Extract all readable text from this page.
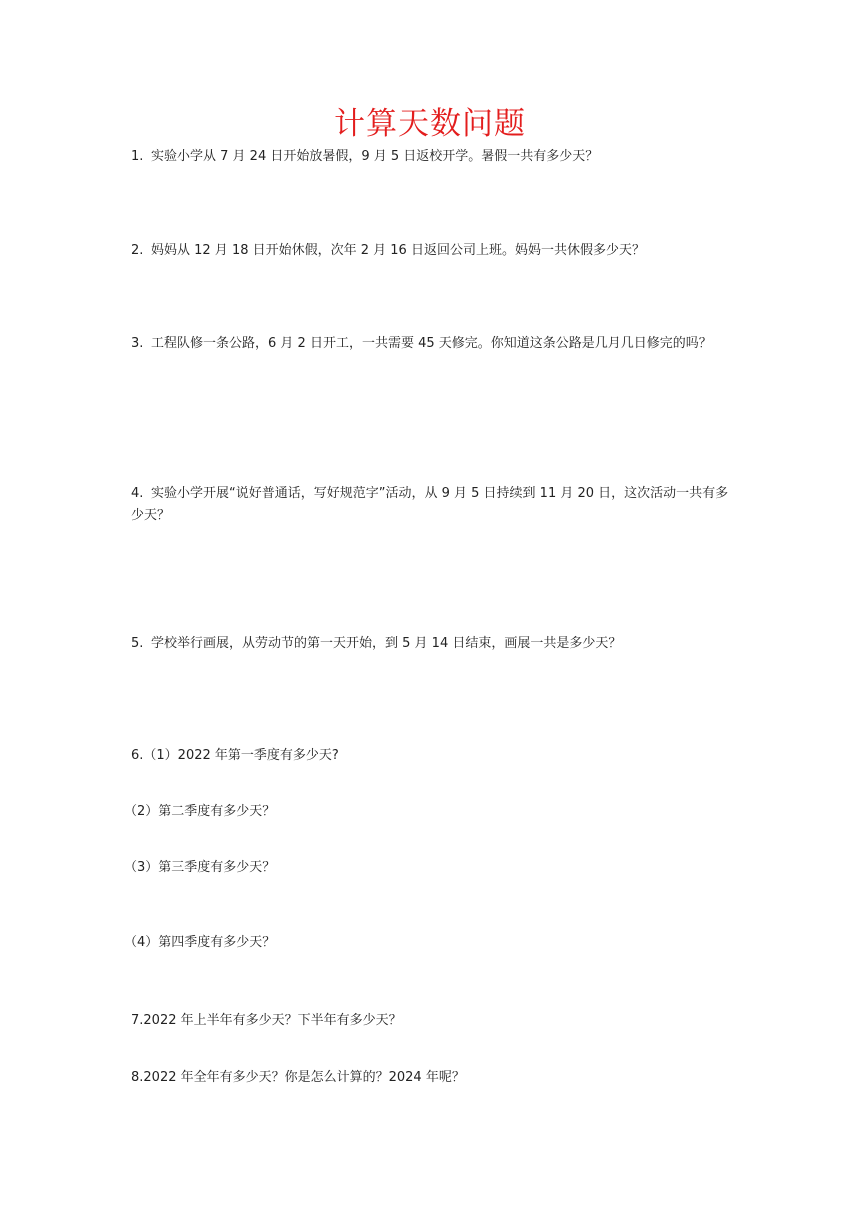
计算天数问题
1. 实验小学从 7 月 24 日开始放暑假，9 月 5 日返校开学。暑假一共有多少天？
2. 妈妈从 12 月 18 日开始休假，次年 2 月 16 日返回公司上班。妈妈一共休假多少天？
3. 工程队修一条公路，6 月 2 日开工，一共需要 45 天修完。你知道这条公路是几月几日修完的吗？
4. 实验小学开展“说好普通话，写好规范字”活动，从 9 月 5 日持续到 11 月 20 日，这次活动一共有多少天？
5. 学校举行画展，从劳动节的第一天开始，到 5 月 14 日结束，画展一共是多少天？
6.（1）2022 年第一季度有多少天?
（2）第二季度有多少天？
（3）第三季度有多少天？
（4）第四季度有多少天？
7.2022 年上半年有多少天？下半年有多少天？
8.2022 年全年有多少天？你是怎么计算的？2024 年呢？
